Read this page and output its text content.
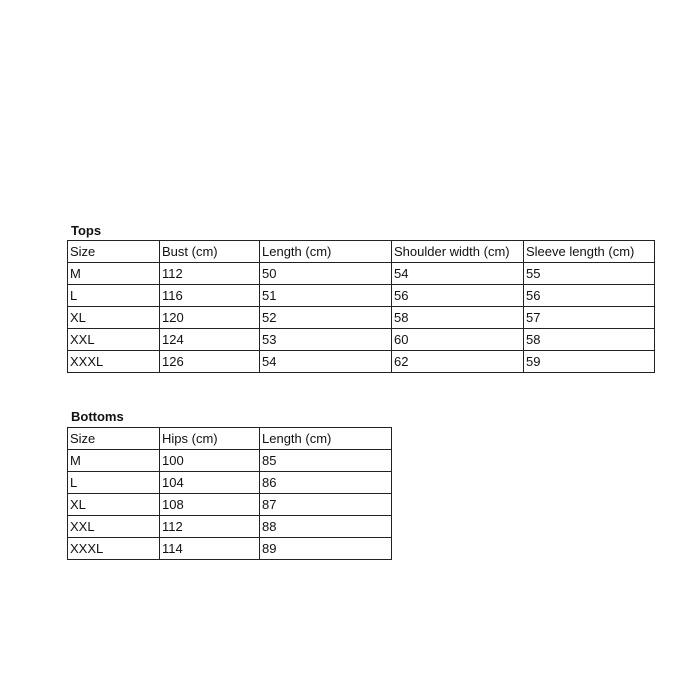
Tops
Size	Bust (cm)	Length (cm)	Shoulder width (cm)	Sleeve length (cm)
M	112	50	54	55
L	116	51	56	56
XL	120	52	58	57
XXL	124	53	60	58
XXXL	126	54	62	59
Bottoms
Size	Hips (cm)	Length (cm)
M	100	85
L	104	86
XL	108	87
XXL	112	88
XXXL	114	89
